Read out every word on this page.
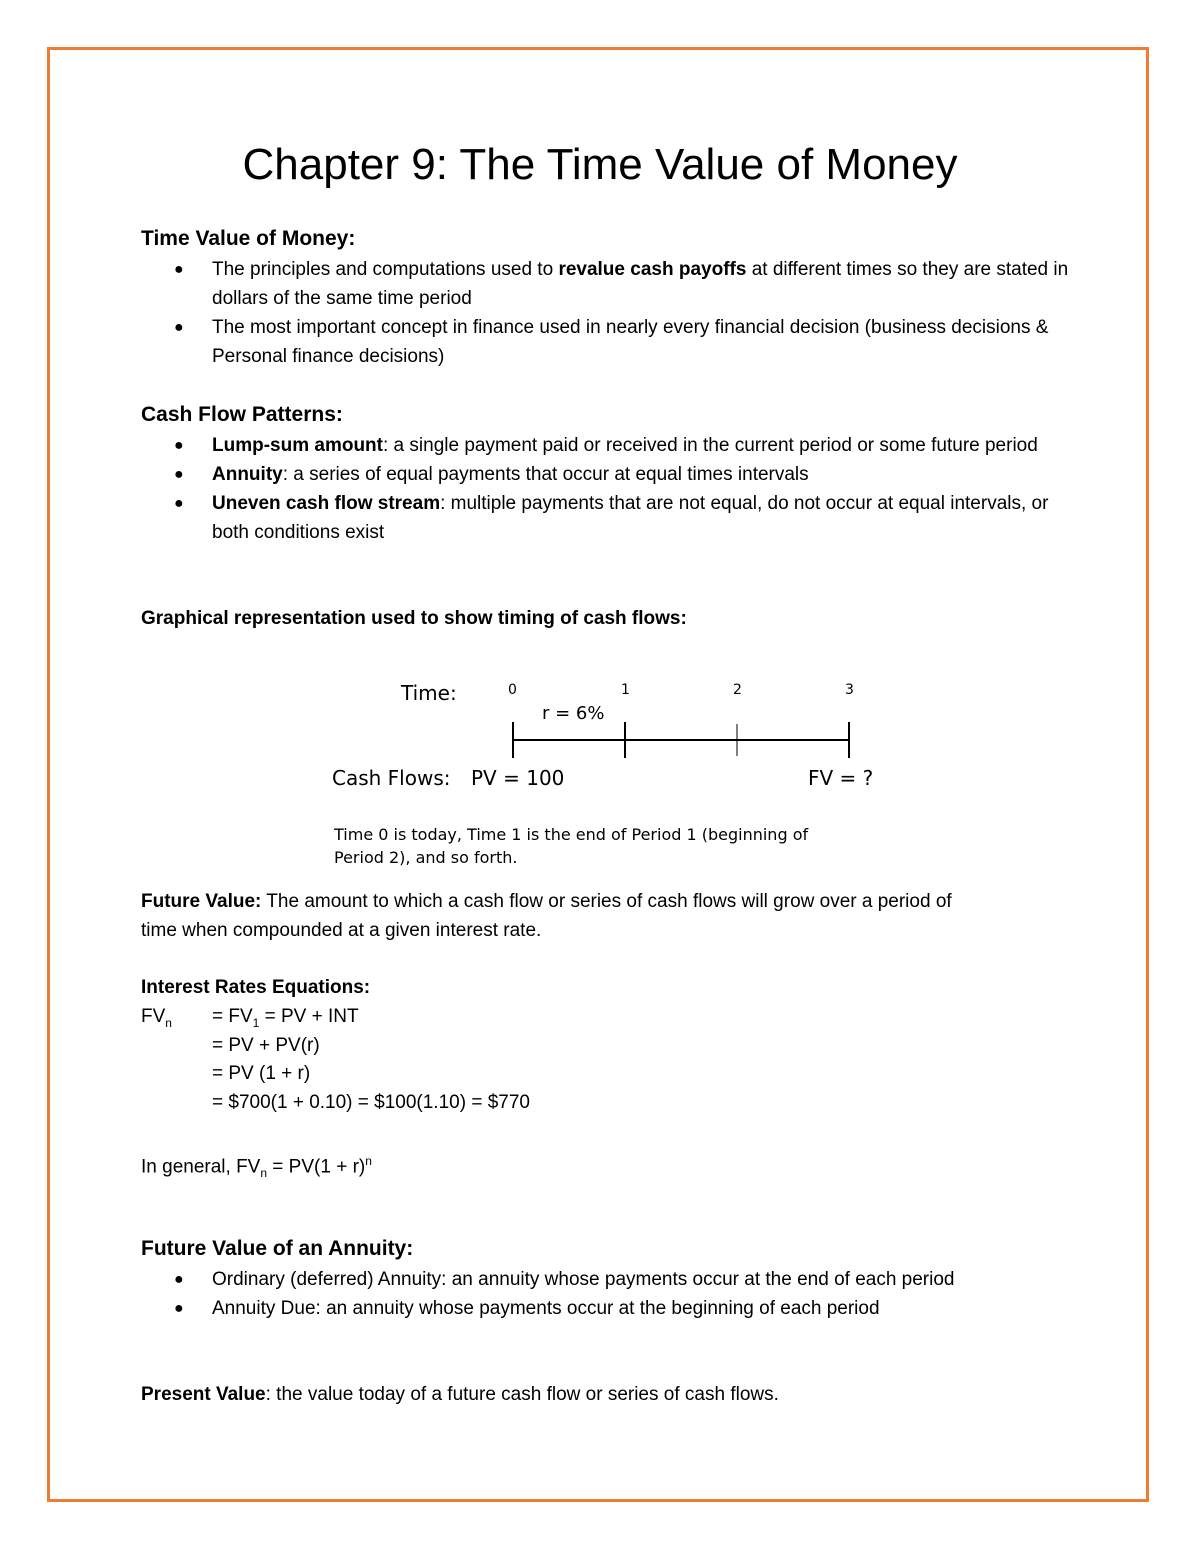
Chapter 9: The Time Value of Money
Time Value of Money:
● The principles and computations used to revalue cash payoffs at different times so they are stated in dollars of the same time period
● The most important concept in finance used in nearly every financial decision (business decisions & Personal finance decisions)
Cash Flow Patterns:
● Lump-sum amount: a single payment paid or received in the current period or some future period
● Annuity: a series of equal payments that occur at equal times intervals
● Uneven cash flow stream: multiple payments that are not equal, do not occur at equal intervals, or both conditions exist
Graphical representation used to show timing of cash flows:
Time:	0	1	2	3
r = 6%
Cash Flows: PV = 100	FV = ?
Time 0 is today, Time 1 is the end of Period 1 (beginning of
Period 2), and so forth.
Future Value: The amount to which a cash flow or series of cash flows will grow over a period of
time when compounded at a given interest rate.
Interest Rates Equations:
$FV_n = FV_1$ = PV + INT
= PV + PV(r)
= PV (1 + r)
= $700(1 + 0.10) = $100(1.10) = $770
In general, $FV_n = PV(1 + r)^n$
Future Value of an Annuity:
● Ordinary (deferred) Annuity: an annuity whose payments occur at the end of each period
● Annuity Due: an annuity whose payments occur at the beginning of each period
Present Value: the value today of a future cash flow or series of cash flows.
